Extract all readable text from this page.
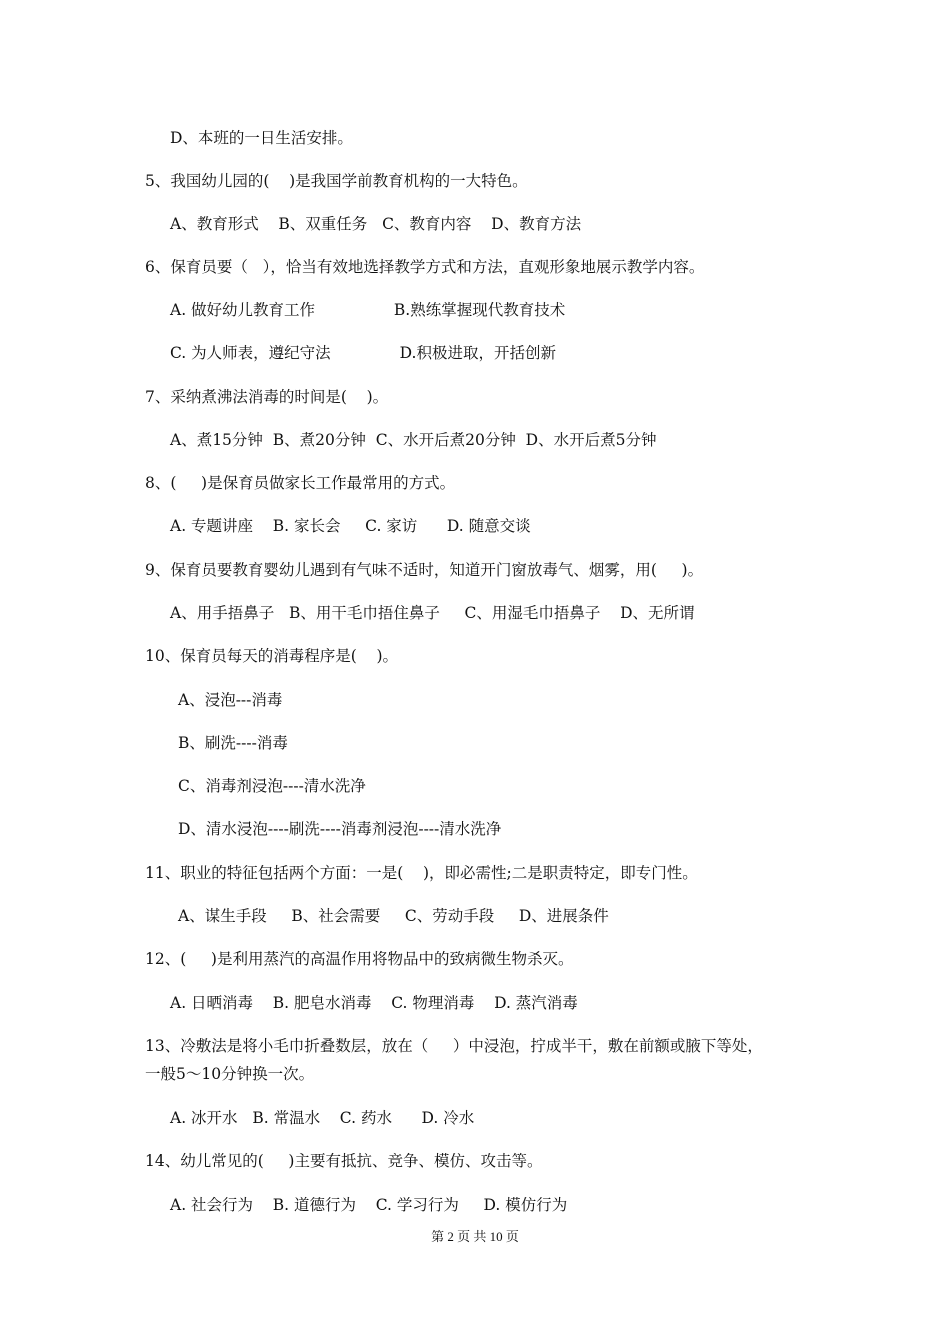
D、本班的一日生活安排。
5、我国幼儿园的(    )是我国学前教育机构的一大特色。
A、教育形式    B、双重任务   C、教育内容    D、教育方法
6、保育员要（   ），恰当有效地选择教学方式和方法，直观形象地展示教学内容。
A. 做好幼儿教育工作                B.熟练掌握现代教育技术
C. 为人师表，遵纪守法              D.积极进取，开括创新
7、采纳煮沸法消毒的时间是(    )。
A、煮15分钟  B、煮20分钟  C、水开后煮20分钟  D、水开后煮5分钟
8、(     )是保育员做家长工作最常用的方式。
A. 专题讲座    B. 家长会     C. 家访      D. 随意交谈
9、保育员要教育婴幼儿遇到有气味不适时，知道开门窗放毒气、烟雾，用(     )。
A、用手捂鼻子   B、用干毛巾捂住鼻子     C、用湿毛巾捂鼻子    D、无所谓
10、保育员每天的消毒程序是(    )。
A、浸泡---消毒
B、刷洗----消毒
C、消毒剂浸泡----清水洗净
D、清水浸泡----刷洗----消毒剂浸泡----清水洗净
11、职业的特征包括两个方面：一是(    )，即必需性;二是职责特定，即专门性。
A、谋生手段     B、社会需要     C、劳动手段     D、进展条件
12、(     )是利用蒸汽的高温作用将物品中的致病微生物杀灭。
A. 日晒消毒    B. 肥皂水消毒    C. 物理消毒    D. 蒸汽消毒
13、冷敷法是将小毛巾折叠数层，放在（     ）中浸泡，拧成半干，敷在前额或腋下等处，
一般5～10分钟换一次。
A. 冰开水   B. 常温水    C. 药水      D. 冷水
14、幼儿常见的(     )主要有抵抗、竞争、模仿、攻击等。
A. 社会行为    B. 道德行为    C. 学习行为     D. 模仿行为
第 2 页 共 10 页
